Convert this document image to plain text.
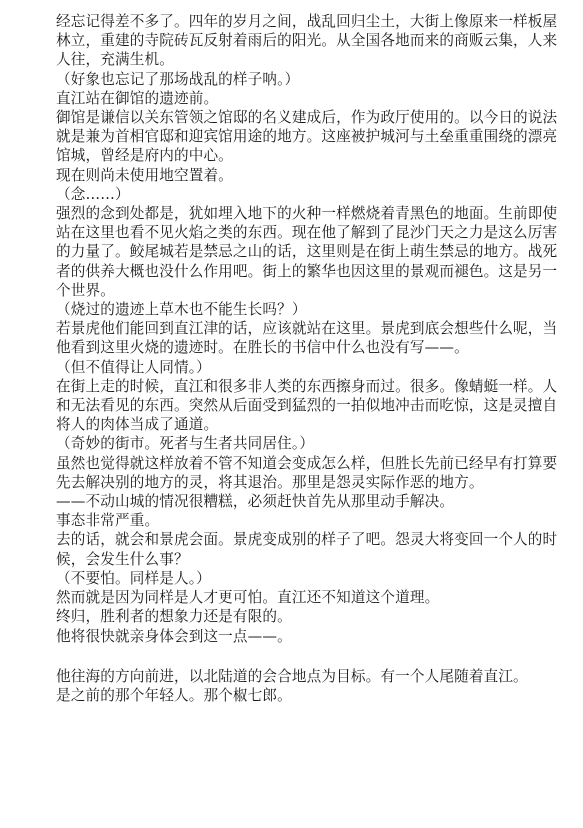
经忘记得差不多了。四年的岁月之间，战乱回归尘土，大街上像原来一样板屋林立，重建的寺院砖瓦反射着雨后的阳光。从全国各地而来的商贩云集，人来人往，充满生机。

（好象也忘记了那场战乱的样子呐。）

直江站在御馆的遗迹前。

御馆是谦信以关东管领之馆邸的名义建成后，作为政厅使用的。以今日的说法就是兼为首相官邸和迎宾馆用途的地方。这座被护城河与土垒重重围绕的漂亮馆城，曾经是府内的中心。

现在则尚未使用地空置着。

（念……）

强烈的念到处都是，犹如埋入地下的火种一样燃烧着青黑色的地面。生前即使站在这里也看不见火焰之类的东西。现在他了解到了昆沙门天之力是这么厉害的力量了。鲛尾城若是禁忌之山的话，这里则是在街上萌生禁忌的地方。战死者的供养大概也没什么作用吧。街上的繁华也因这里的景观而褪色。这是另一个世界。

（烧过的遗迹上草木也不能生长吗？）

若景虎他们能回到直江津的话，应该就站在这里。景虎到底会想些什么呢，当他看到这里火烧的遗迹时。在胜长的书信中什么也没有写——。

（但不值得让人同情。）

在街上走的时候，直江和很多非人类的东西擦身而过。很多。像蜻蜓一样。人和无法看见的东西。突然从后面受到猛烈的一拍似地冲击而吃惊，这是灵擅自将人的肉体当成了通道。

（奇妙的街市。死者与生者共同居住。）

虽然也觉得就这样放着不管不知道会变成怎么样，但胜长先前已经早有打算要先去解决别的地方的灵，将其退治。那里是怨灵实际作恶的地方。

——不动山城的情况很糟糕，必须赶快首先从那里动手解决。

事态非常严重。

去的话，就会和景虎会面。景虎变成别的样子了吧。怨灵大将变回一个人的时候，会发生什么事？

（不要怕。同样是人。）

然而就是因为同样是人才更可怕。直江还不知道这个道理。

终归，胜利者的想象力还是有限的。

他将很快就亲身体会到这一点——。

他往海的方向前进，以北陆道的会合地点为目标。有一个人尾随着直江。

是之前的那个年轻人。那个椒七郎。
